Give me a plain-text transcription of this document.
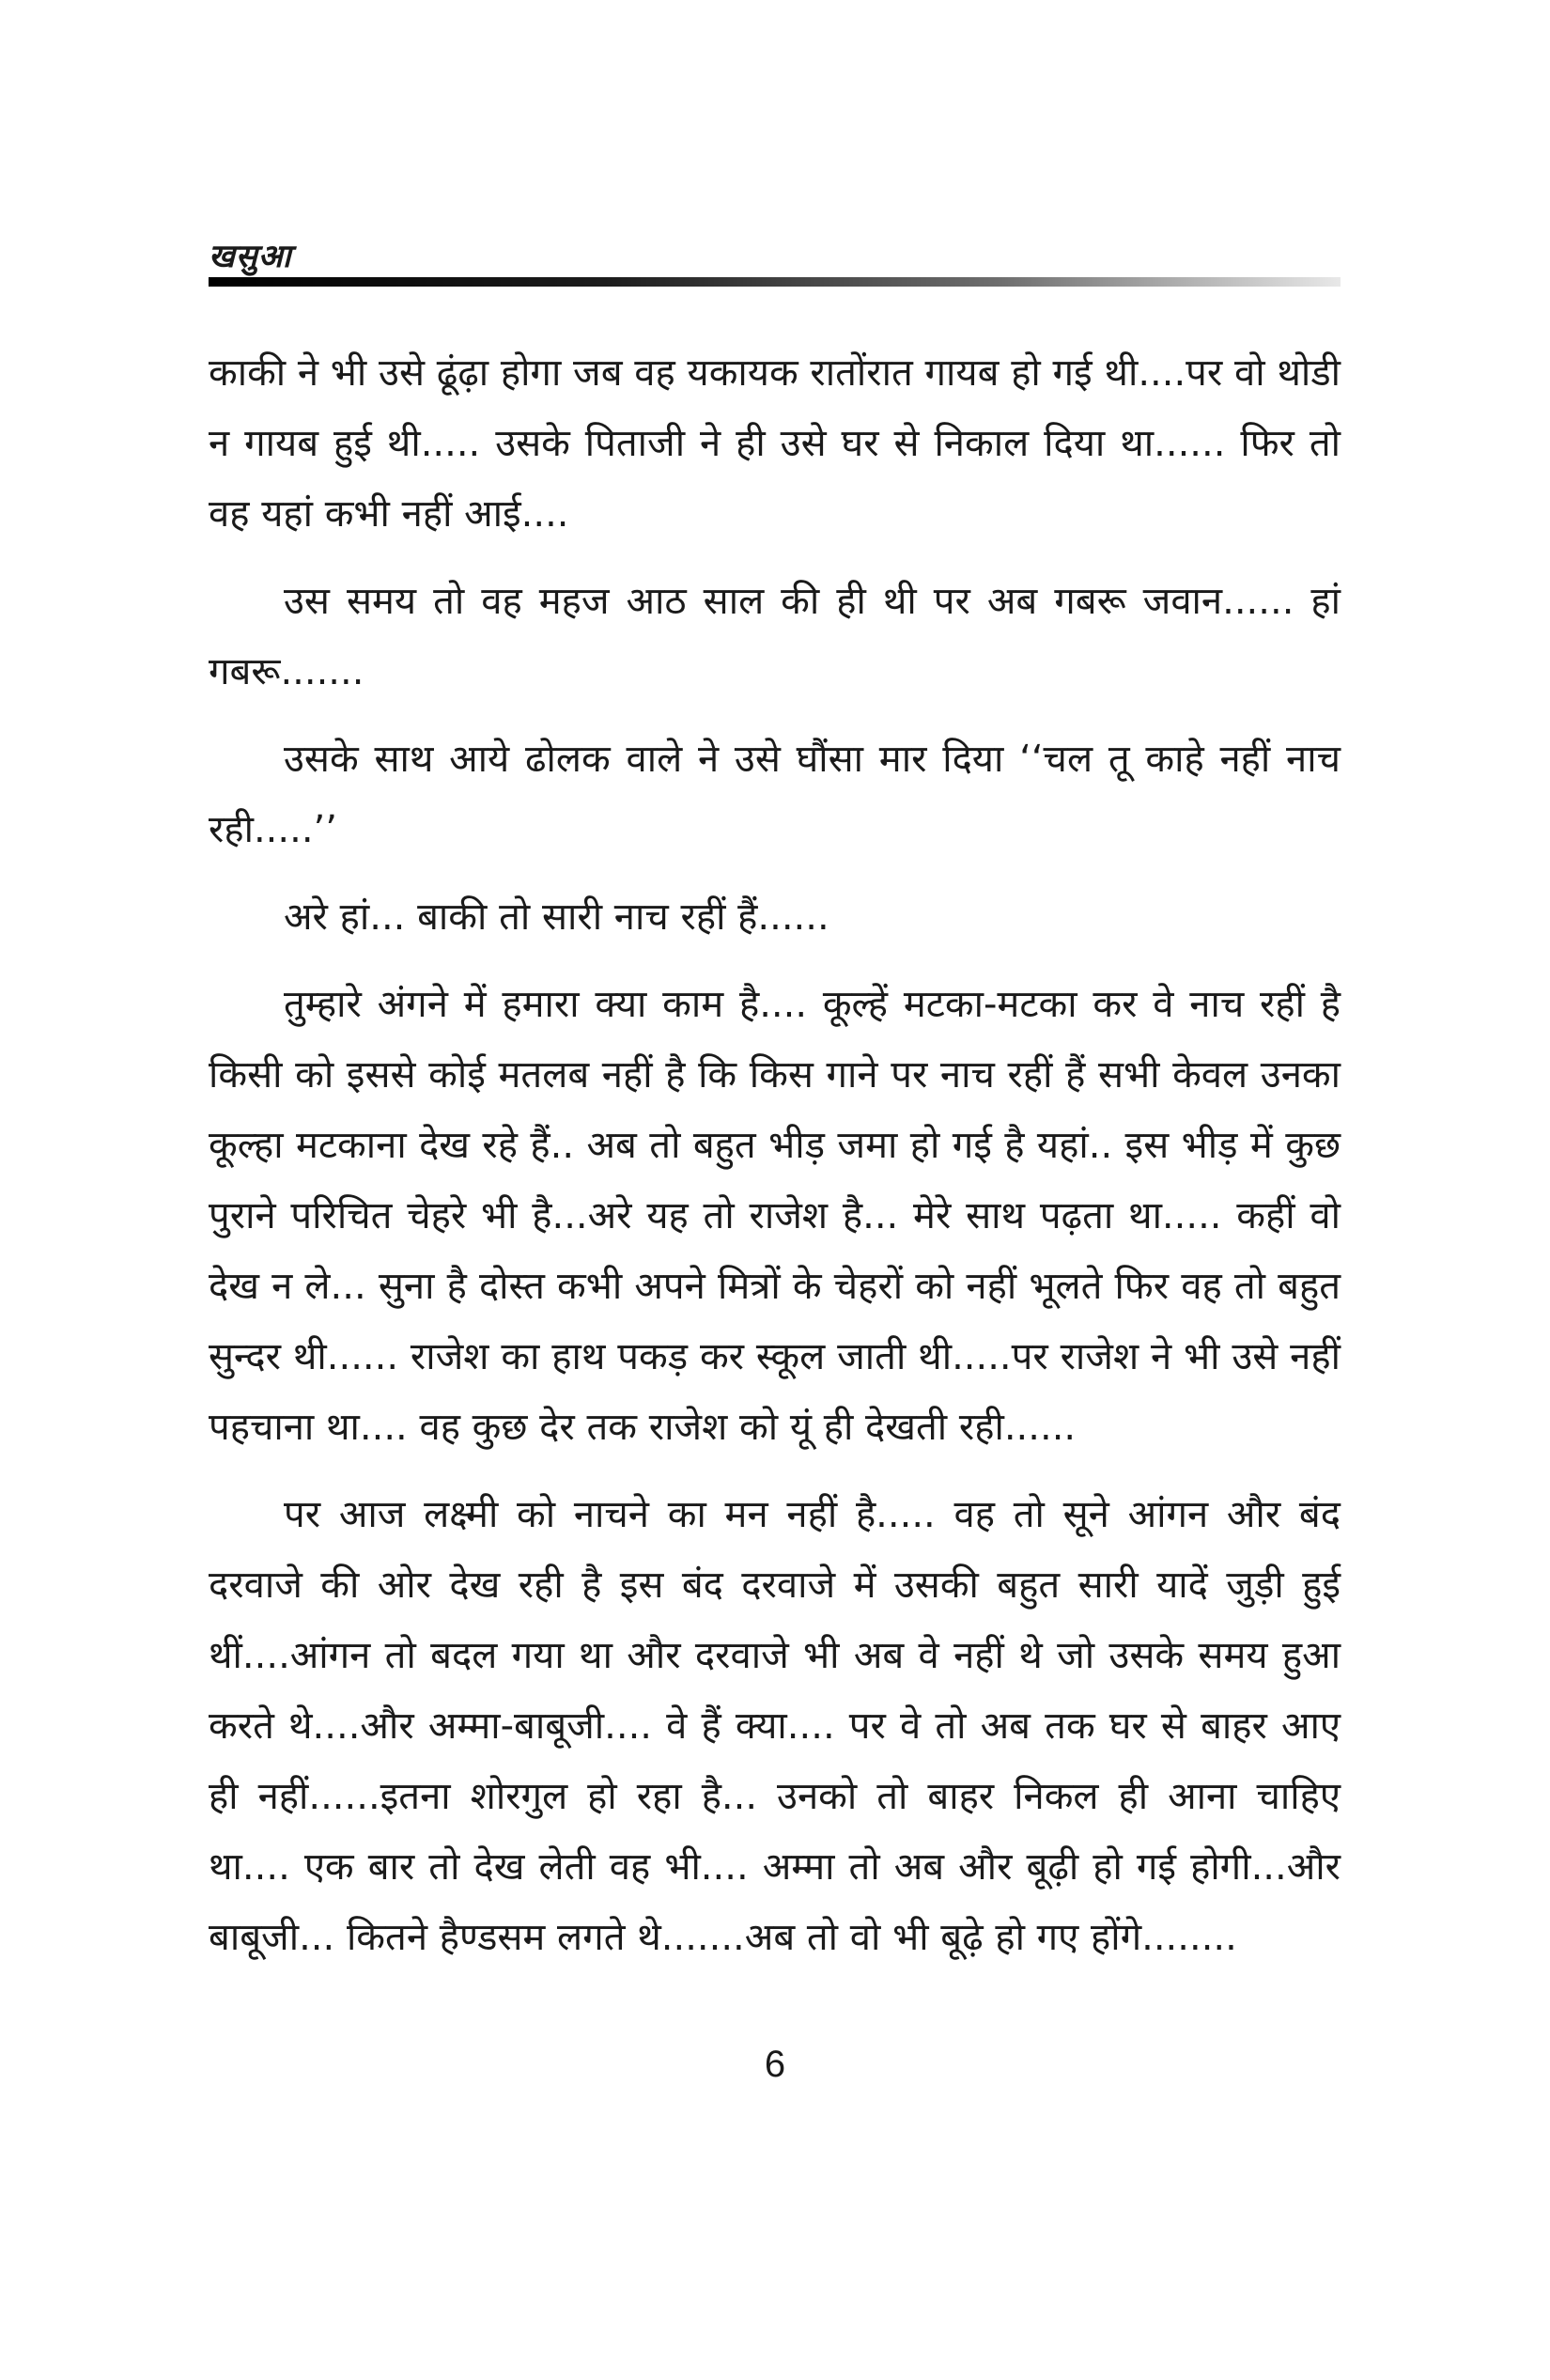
खसुआ

काकी ने भी उसे ढूंढ़ा होगा जब वह यकायक रातोंरात गायब हो गई थी....पर वो थोडी न गायब हुई थी..... उसके पिताजी ने ही उसे घर से निकाल दिया था...... फिर तो वह यहां कभी नहीं आई....

उस समय तो वह महज आठ साल की ही थी पर अब गबरू जवान...... हां गबरू.......

उसके साथ आये ढोलक वाले ने उसे घौंसा मार दिया ‘‘चल तू काहे नहीं नाच रही.....’’

अरे हां... बाकी तो सारी नाच रहीं हैं......

तुम्हारे अंगने में हमारा क्या काम है.... कूल्हें मटका-मटका कर वे नाच रहीं है किसी को इससे कोई मतलब नहीं है कि किस गाने पर नाच रहीं हैं सभी केवल उनका कूल्हा मटकाना देख रहे हैं.. अब तो बहुत भीड़ जमा हो गई है यहां.. इस भीड़ में कुछ पुराने परिचित चेहरे भी है...अरे यह तो राजेश है... मेरे साथ पढ़ता था..... कहीं वो देख न ले... सुना है दोस्त कभी अपने मित्रों के चेहरों को नहीं भूलते फिर वह तो बहुत सुन्दर थी...... राजेश का हाथ पकड़ कर स्कूल जाती थी.....पर राजेश ने भी उसे नहीं पहचाना था.... वह कुछ देर तक राजेश को यूं ही देखती रही......

पर आज लक्ष्मी को नाचने का मन नहीं है..... वह तो सूने आंगन और बंद दरवाजे की ओर देख रही है इस बंद दरवाजे में उसकी बहुत सारी यादें जुड़ी हुई थीं....आंगन तो बदल गया था और दरवाजे भी अब वे नहीं थे जो उसके समय हुआ करते थे....और अम्मा-बाबूजी.... वे हैं क्या.... पर वे तो अब तक घर से बाहर आए ही नहीं......इतना शोरगुल हो रहा है... उनको तो बाहर निकल ही आना चाहिए था.... एक बार तो देख लेती वह भी.... अम्मा तो अब और बूढ़ी हो गई होगी...और बाबूजी... कितने हैण्डसम लगते थे.......अब तो वो भी बूढ़े हो गए होंगे........

6
